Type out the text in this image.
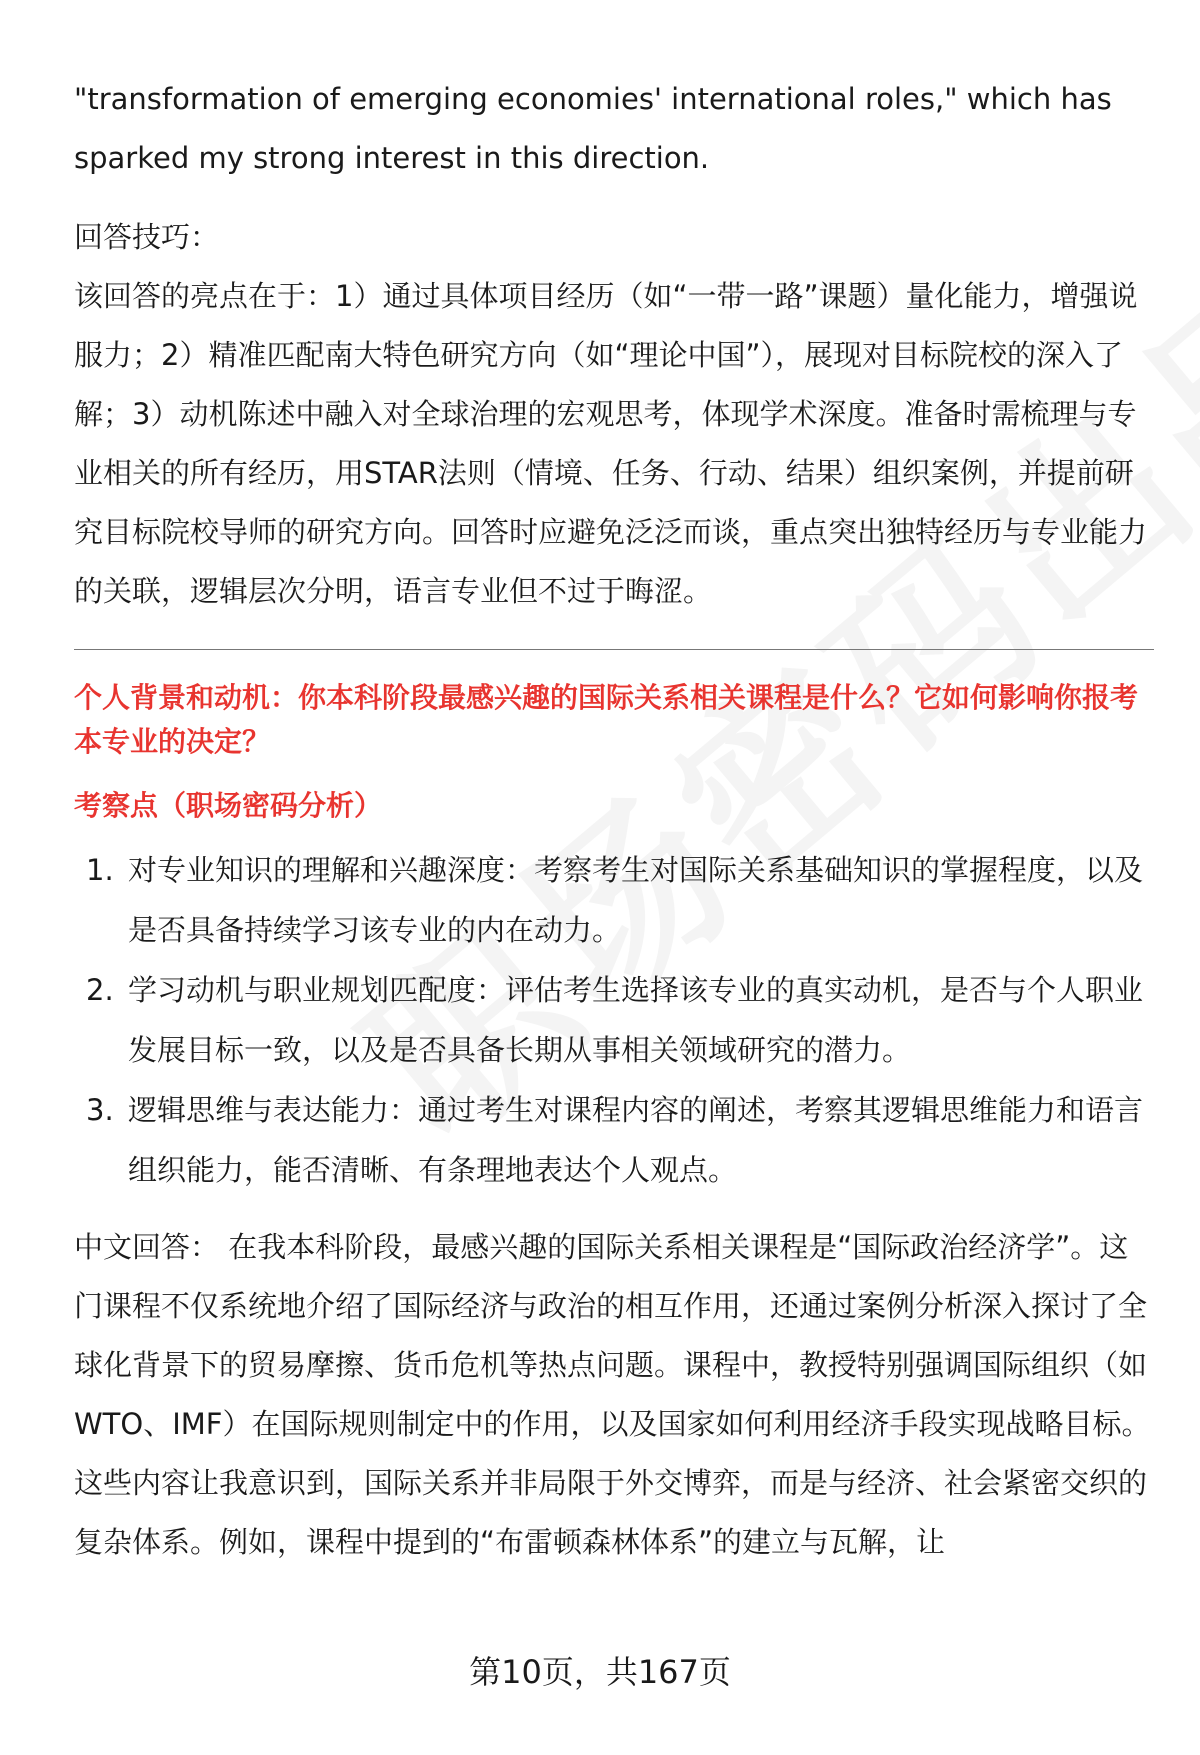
"transformation of emerging economies' international roles," which has sparked my strong interest in this direction.

回答技巧：

该回答的亮点在于：1）通过具体项目经历（如“一带一路”课题）量化能力，增强说服力；2）精准匹配南大特色研究方向（如“理论中国”），展现对目标院校的深入了解；3）动机陈述中融入对全球治理的宏观思考，体现学术深度。准备时需梳理与专业相关的所有经历，用STAR法则（情境、任务、行动、结果）组织案例，并提前研究目标院校导师的研究方向。回答时应避免泛泛而谈，重点突出独特经历与专业能力的关联，逻辑层次分明，语言专业但不过于晦涩。

个人背景和动机：你本科阶段最感兴趣的国际关系相关课程是什么？它如何影响你报考本专业的决定？

考察点（职场密码分析）

1. 对专业知识的理解和兴趣深度：考察考生对国际关系基础知识的掌握程度，以及是否具备持续学习该专业的内在动力。
2. 学习动机与职业规划匹配度：评估考生选择该专业的真实动机，是否与个人职业发展目标一致，以及是否具备长期从事相关领域研究的潜力。
3. 逻辑思维与表达能力：通过考生对课程内容的阐述，考察其逻辑思维能力和语言组织能力，能否清晰、有条理地表达个人观点。

中文回答： 在我本科阶段，最感兴趣的国际关系相关课程是“国际政治经济学”。这门课程不仅系统地介绍了国际经济与政治的相互作用，还通过案例分析深入探讨了全球化背景下的贸易摩擦、货币危机等热点问题。课程中，教授特别强调国际组织（如WTO、IMF）在国际规则制定中的作用，以及国家如何利用经济手段实现战略目标。这些内容让我意识到，国际关系并非局限于外交博弈，而是与经济、社会紧密交织的复杂体系。例如，课程中提到的“布雷顿森林体系”的建立与瓦解，让

第10页，共167页
